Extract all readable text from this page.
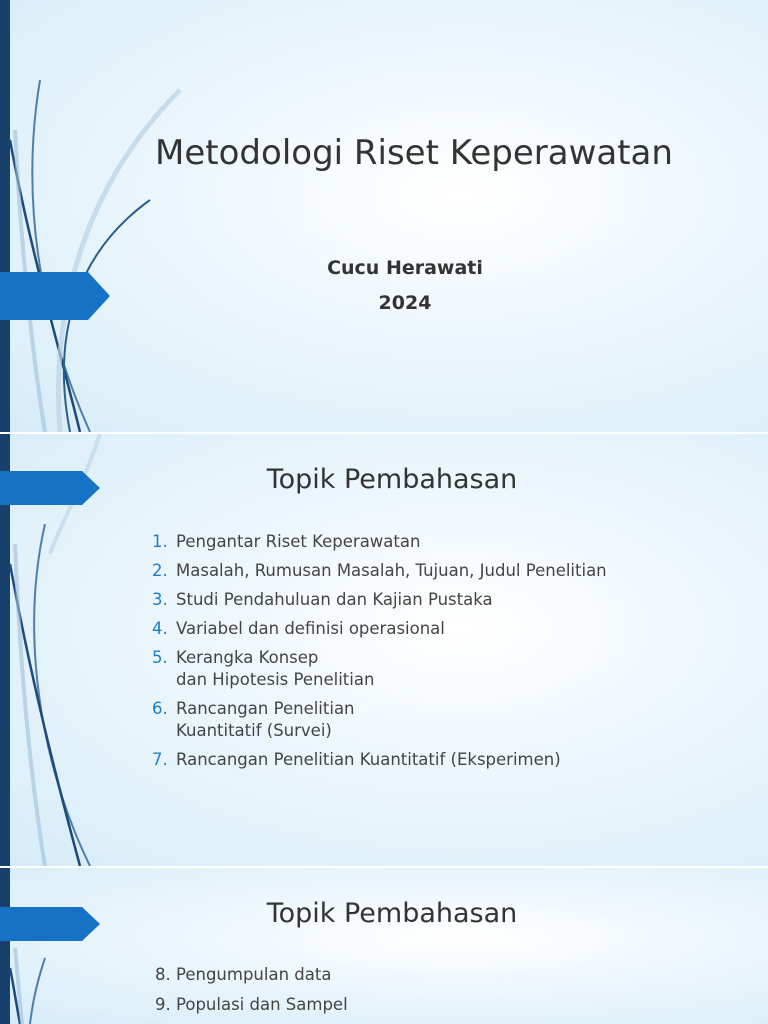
Metodologi Riset Keperawatan
Cucu Herawati
2024
Topik Pembahasan
1. Pengantar Riset Keperawatan
2. Masalah, Rumusan Masalah, Tujuan, Judul Penelitian
3. Studi Pendahuluan dan Kajian Pustaka
4. Variabel dan definisi operasional
5. Kerangka Konsep
dan Hipotesis Penelitian
6. Rancangan Penelitian
Kuantitatif (Survei)
7. Rancangan Penelitian Kuantitatif (Eksperimen)
Topik Pembahasan
8. Pengumpulan data
9. Populasi dan Sampel
